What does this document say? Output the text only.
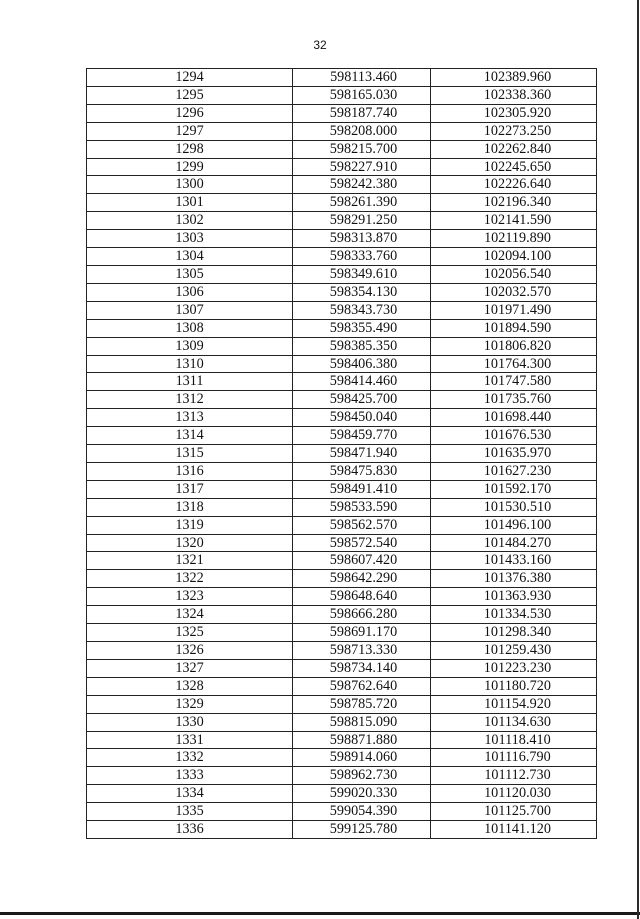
32
1294	598113.460	102389.960
1295	598165.030	102338.360
1296	598187.740	102305.920
1297	598208.000	102273.250
1298	598215.700	102262.840
1299	598227.910	102245.650
1300	598242.380	102226.640
1301	598261.390	102196.340
1302	598291.250	102141.590
1303	598313.870	102119.890
1304	598333.760	102094.100
1305	598349.610	102056.540
1306	598354.130	102032.570
1307	598343.730	101971.490
1308	598355.490	101894.590
1309	598385.350	101806.820
1310	598406.380	101764.300
1311	598414.460	101747.580
1312	598425.700	101735.760
1313	598450.040	101698.440
1314	598459.770	101676.530
1315	598471.940	101635.970
1316	598475.830	101627.230
1317	598491.410	101592.170
1318	598533.590	101530.510
1319	598562.570	101496.100
1320	598572.540	101484.270
1321	598607.420	101433.160
1322	598642.290	101376.380
1323	598648.640	101363.930
1324	598666.280	101334.530
1325	598691.170	101298.340
1326	598713.330	101259.430
1327	598734.140	101223.230
1328	598762.640	101180.720
1329	598785.720	101154.920
1330	598815.090	101134.630
1331	598871.880	101118.410
1332	598914.060	101116.790
1333	598962.730	101112.730
1334	599020.330	101120.030
1335	599054.390	101125.700
1336	599125.780	101141.120
